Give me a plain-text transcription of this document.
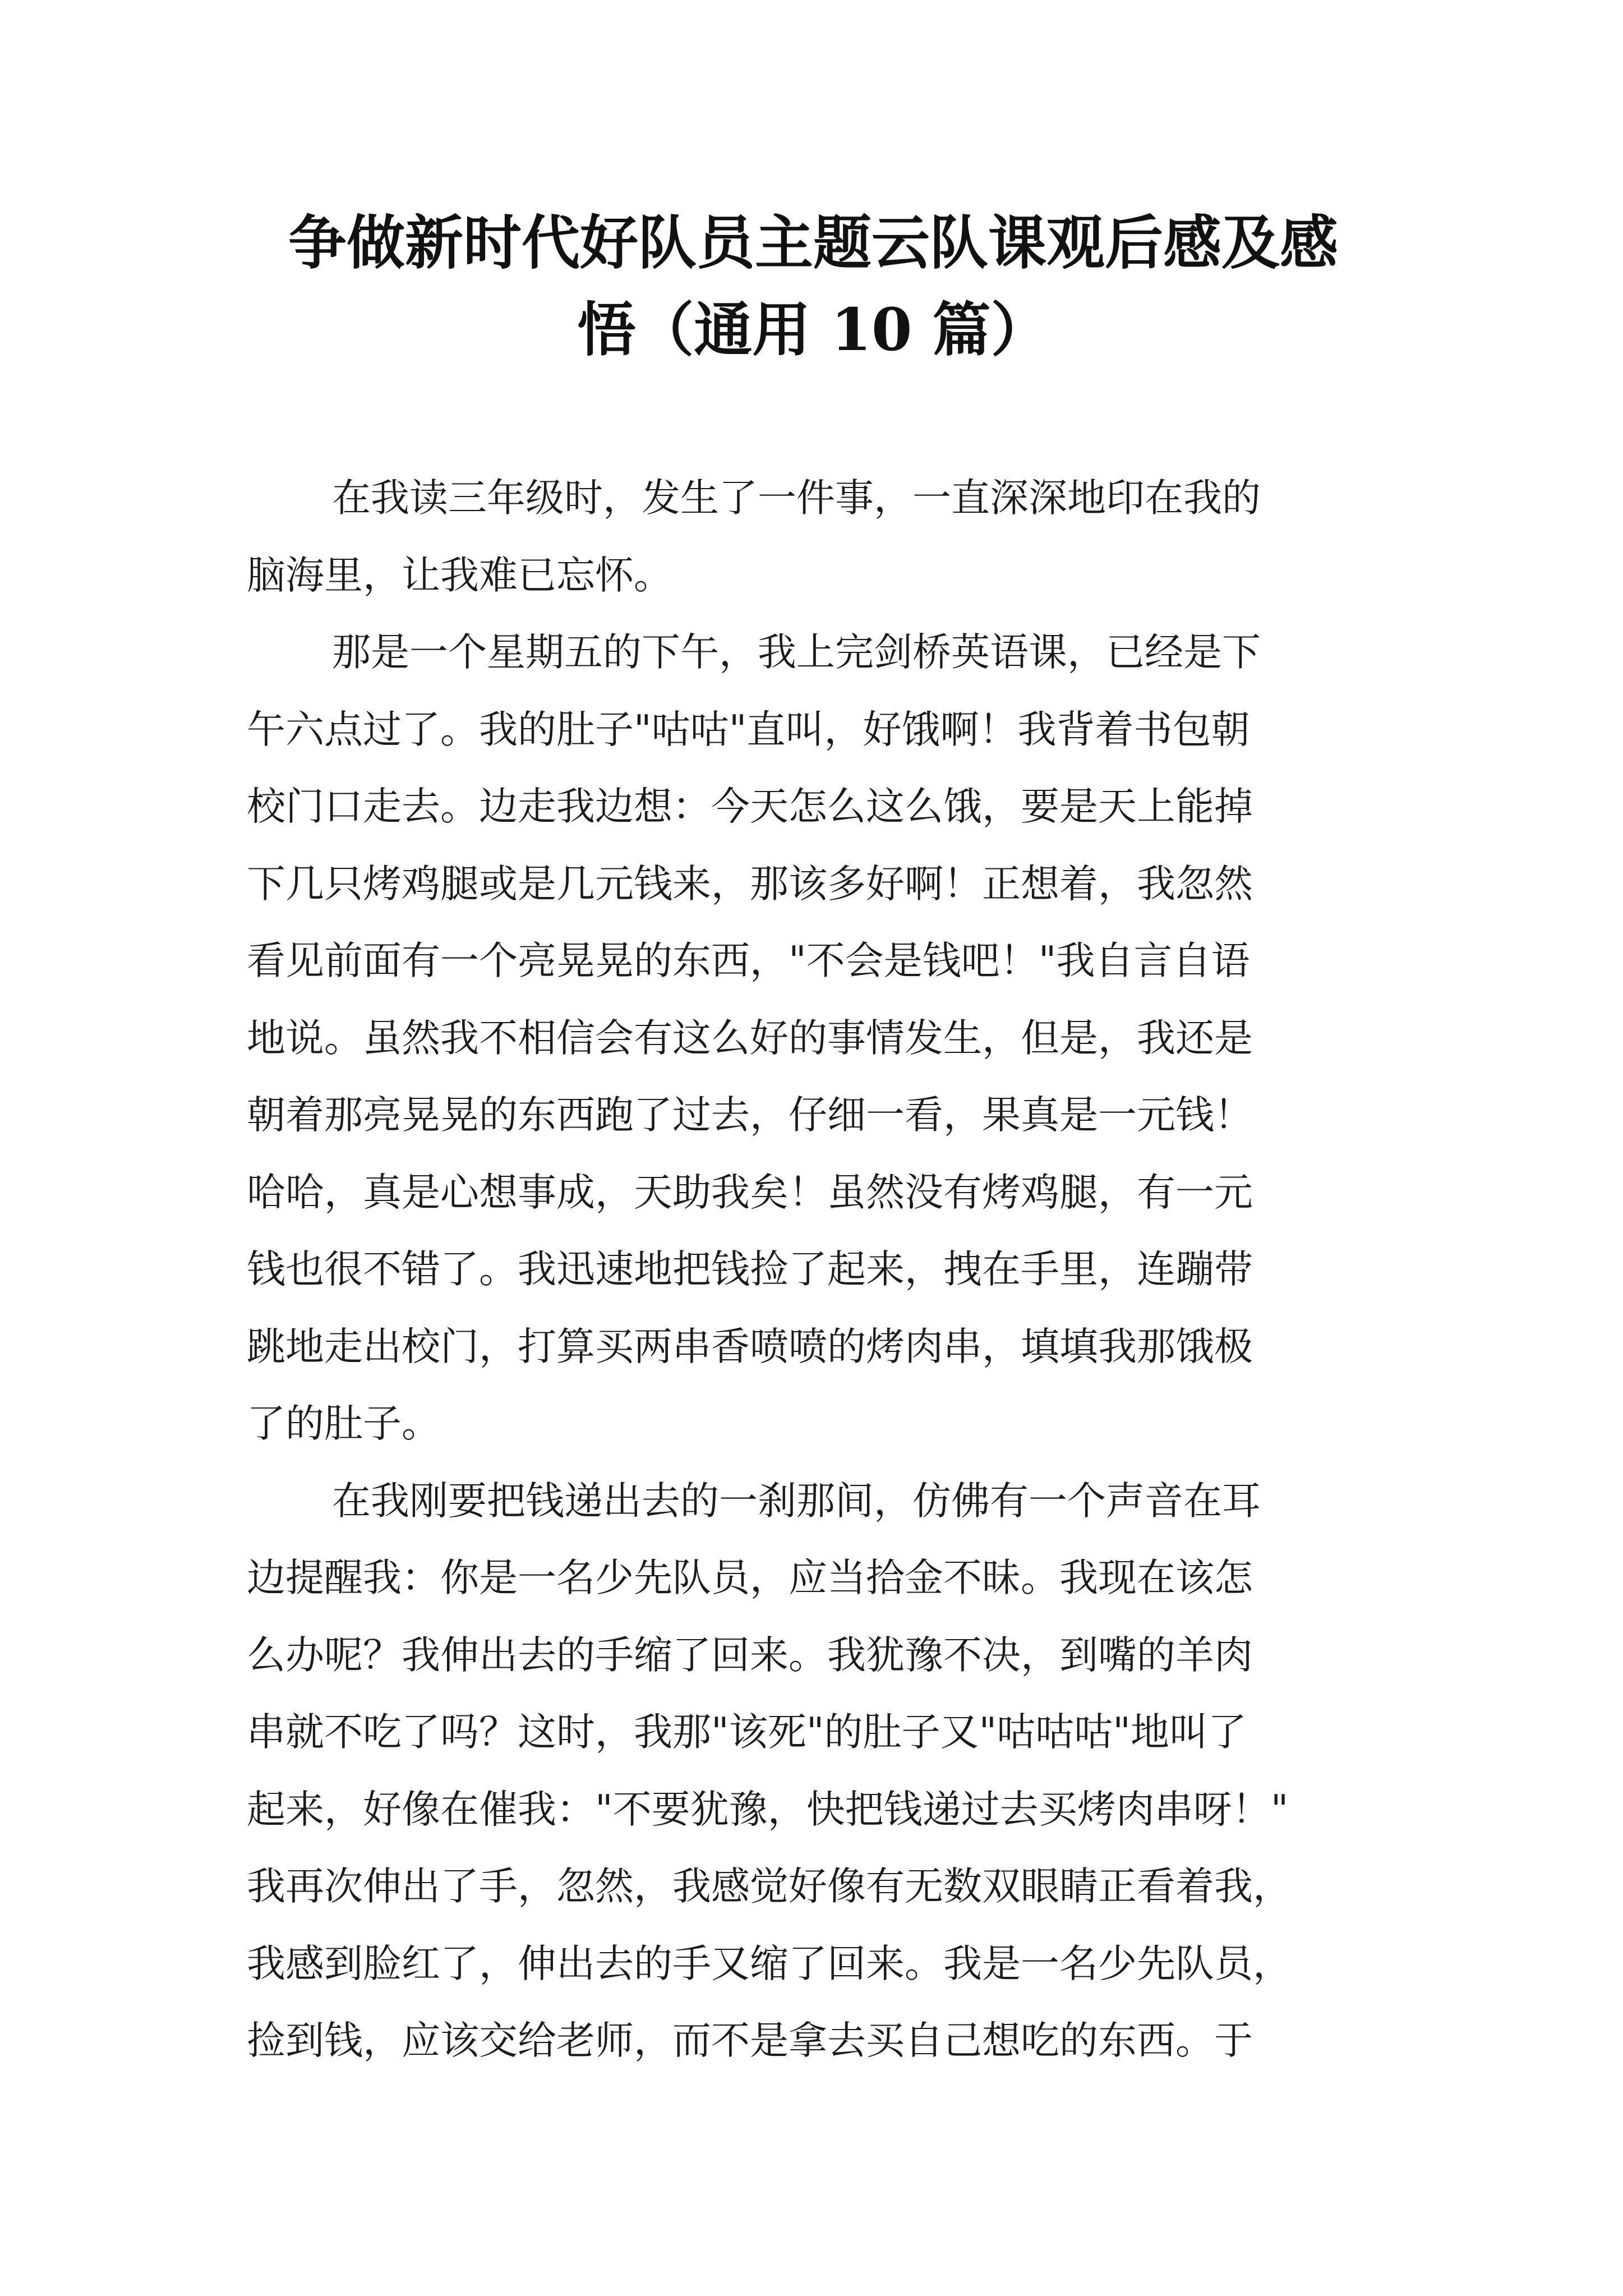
争做新时代好队员主题云队课观后感及感
悟（通用 10 篇）
在我读三年级时，发生了一件事，一直深深地印在我的
脑海里，让我难已忘怀。
那是一个星期五的下午，我上完剑桥英语课，已经是下
午六点过了。我的肚子"咕咕"直叫，好饿啊！我背着书包朝
校门口走去。边走我边想：今天怎么这么饿，要是天上能掉
下几只烤鸡腿或是几元钱来，那该多好啊！正想着，我忽然
看见前面有一个亮晃晃的东西，"不会是钱吧！"我自言自语
地说。虽然我不相信会有这么好的事情发生，但是，我还是
朝着那亮晃晃的东西跑了过去，仔细一看，果真是一元钱！
哈哈，真是心想事成，天助我矣！虽然没有烤鸡腿，有一元
钱也很不错了。我迅速地把钱捡了起来，拽在手里，连蹦带
跳地走出校门，打算买两串香喷喷的烤肉串，填填我那饿极
了的肚子。
在我刚要把钱递出去的一刹那间，仿佛有一个声音在耳
边提醒我：你是一名少先队员，应当拾金不昧。我现在该怎
么办呢？我伸出去的手缩了回来。我犹豫不决，到嘴的羊肉
串就不吃了吗？这时，我那"该死"的肚子又"咕咕咕"地叫了
起来，好像在催我："不要犹豫，快把钱递过去买烤肉串呀！"
我再次伸出了手，忽然，我感觉好像有无数双眼睛正看着我，
我感到脸红了，伸出去的手又缩了回来。我是一名少先队员，
捡到钱，应该交给老师，而不是拿去买自己想吃的东西。于
